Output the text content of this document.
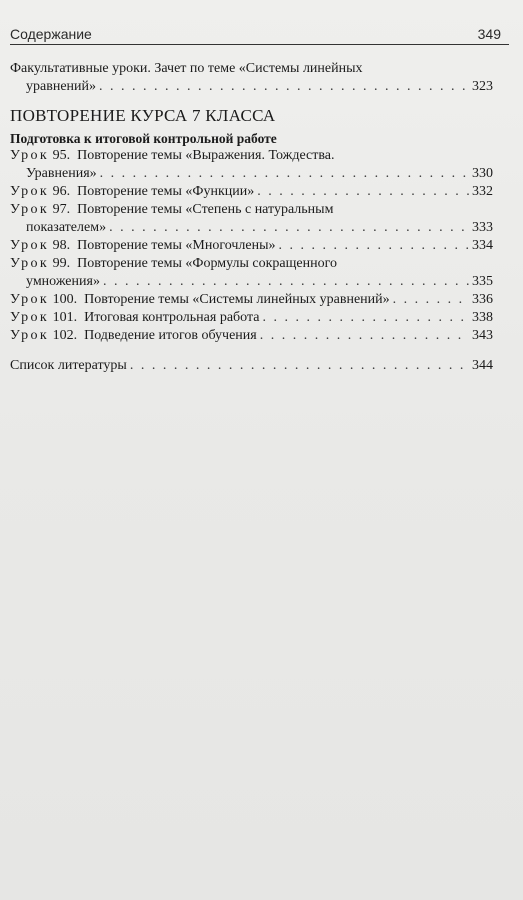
Содержание	349
Факультативные уроки. Зачет по теме «Системы линейных
уравнений» . . .	323
ПОВТОРЕНИЕ КУРСА 7 КЛАССА
Подготовка к итоговой контрольной работе
Урок 95. Повторение темы «Выражения. Тождества.
Уравнения» . . .	330
Урок 96. Повторение темы «Функции» . . .	332
Урок 97. Повторение темы «Степень с натуральным
показателем» . . .	333
Урок 98. Повторение темы «Многочлены» . . .	334
Урок 99. Повторение темы «Формулы сокращенного
умножения» . . .	335
Урок 100. Повторение темы «Системы линейных уравнений» . . .	336
Урок 101. Итоговая контрольная работа . . .	338
Урок 102. Подведение итогов обучения . . .	343
Список литературы . . .	344
